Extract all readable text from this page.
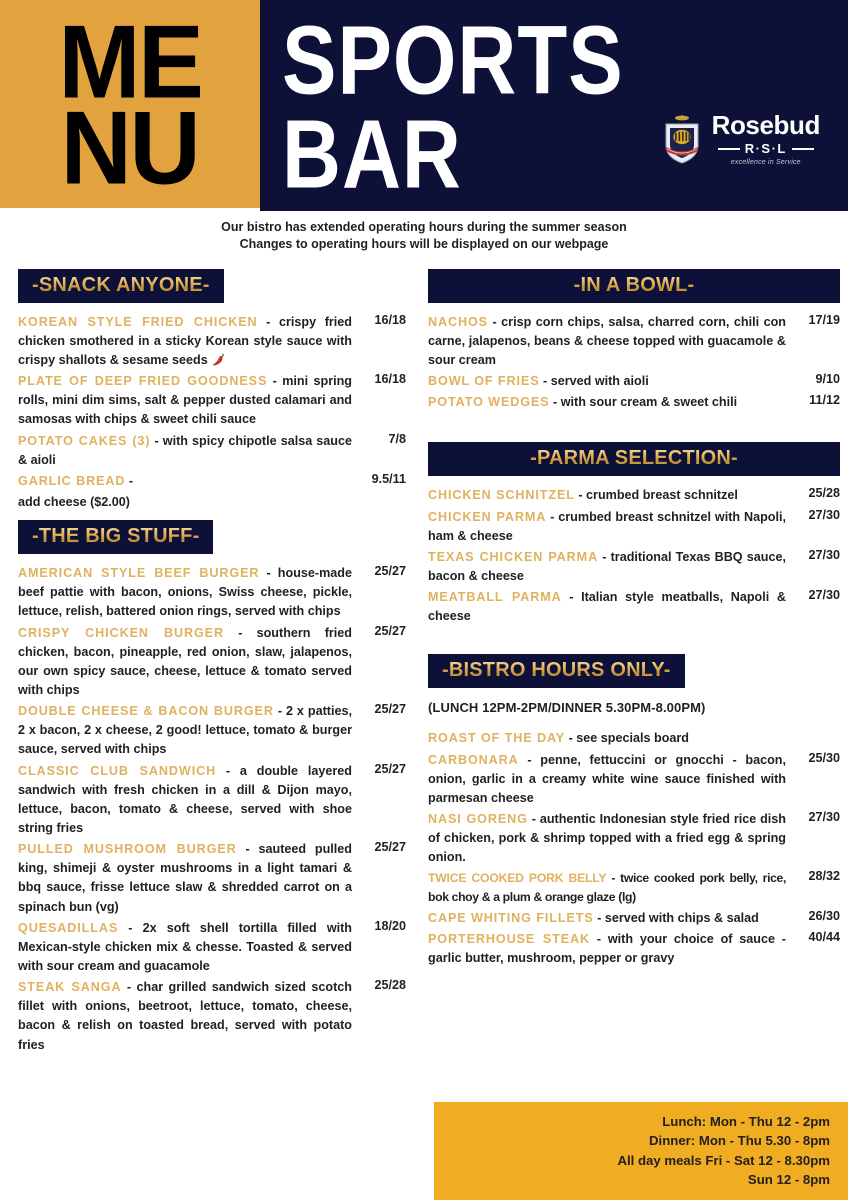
ME
NU
SPORTS
BAR	Rosebud
R·S·L
excellence in Service
Our bistro has extended operating hours during the summer season
Changes to operating hours will be displayed on our webpage
-SNACK ANYONE-
KOREAN STYLE FRIED CHICKEN - crispy fried chicken smothered in a sticky Korean style sauce with crispy shallots & sesame seeds
16/18
PLATE OF DEEP FRIED GOODNESS - mini spring rolls, mini dim sims, salt & pepper dusted calamari and samosas with chips & sweet chili sauce
16/18
POTATO CAKES (3) - with spicy chipotle salsa sauce & aioli
7/8
GARLIC BREAD -	9.5/11
add cheese ($2.00)
-THE BIG STUFF-
AMERICAN STYLE BEEF BURGER - house-made beef pattie with bacon, onions, Swiss cheese, pickle, lettuce, relish, battered onion rings, served with chips
25/27
CRISPY CHICKEN BURGER - southern fried chicken, bacon, pineapple, red onion, slaw, jalapenos, our own spicy sauce, cheese, lettuce & tomato served with chips
25/27
DOUBLE CHEESE & BACON BURGER - 2 x patties, 2 x bacon, 2 x cheese, 2 good! lettuce, tomato & burger sauce, served with chips
25/27
CLASSIC CLUB SANDWICH - a double layered sandwich with fresh chicken in a dill & Dijon mayo, lettuce, bacon, tomato & cheese, served with shoe string fries
25/27
PULLED MUSHROOM BURGER - sauteed pulled king, shimeji & oyster mushrooms in a light tamari & bbq sauce, frisse lettuce slaw & shredded carrot on a spinach bun (vg)
25/27
QUESADILLAS - 2x soft shell tortilla filled with Mexican-style chicken mix & chesse. Toasted & served with sour cream and guacamole
18/20
STEAK SANGA - char grilled sandwich sized scotch fillet with onions, beetroot, lettuce, tomato, cheese, bacon & relish on toasted bread, served with potato fries
25/28
-IN A BOWL-
NACHOS - crisp corn chips, salsa, charred corn, chili con carne, jalapenos, beans & cheese topped with guacamole & sour cream
17/19
BOWL OF FRIES - served with aioli	9/10
POTATO WEDGES - with sour cream & sweet chili	11/12
-PARMA SELECTION-
CHICKEN SCHNITZEL - crumbed breast schnitzel	25/28
CHICKEN PARMA - crumbed breast schnitzel with Napoli, ham & cheese
27/30
TEXAS CHICKEN PARMA - traditional Texas BBQ sauce, bacon & cheese
27/30
MEATBALL PARMA - Italian style meatballs, Napoli & cheese
27/30
-BISTRO HOURS ONLY-
(LUNCH 12PM-2PM/DINNER 5.30PM-8.00PM)
ROAST OF THE DAY - see specials board
CARBONARA - penne, fettuccini or gnocchi - bacon, onion, garlic in a creamy white wine sauce finished with parmesan cheese
25/30
NASI GORENG - authentic Indonesian style fried rice dish of chicken, pork & shrimp topped with a fried egg & spring onion.
27/30
TWICE COOKED PORK BELLY - twice cooked pork belly, rice, bok choy & a plum & orange glaze (lg)
28/32
CAPE WHITING FILLETS - served with chips & salad	26/30
PORTERHOUSE STEAK - with your choice of sauce - garlic butter, mushroom, pepper or gravy
40/44
Lunch: Mon - Thu 12 - 2pm
Dinner: Mon - Thu 5.30 - 8pm
All day meals Fri - Sat 12 - 8.30pm
Sun 12 - 8pm
